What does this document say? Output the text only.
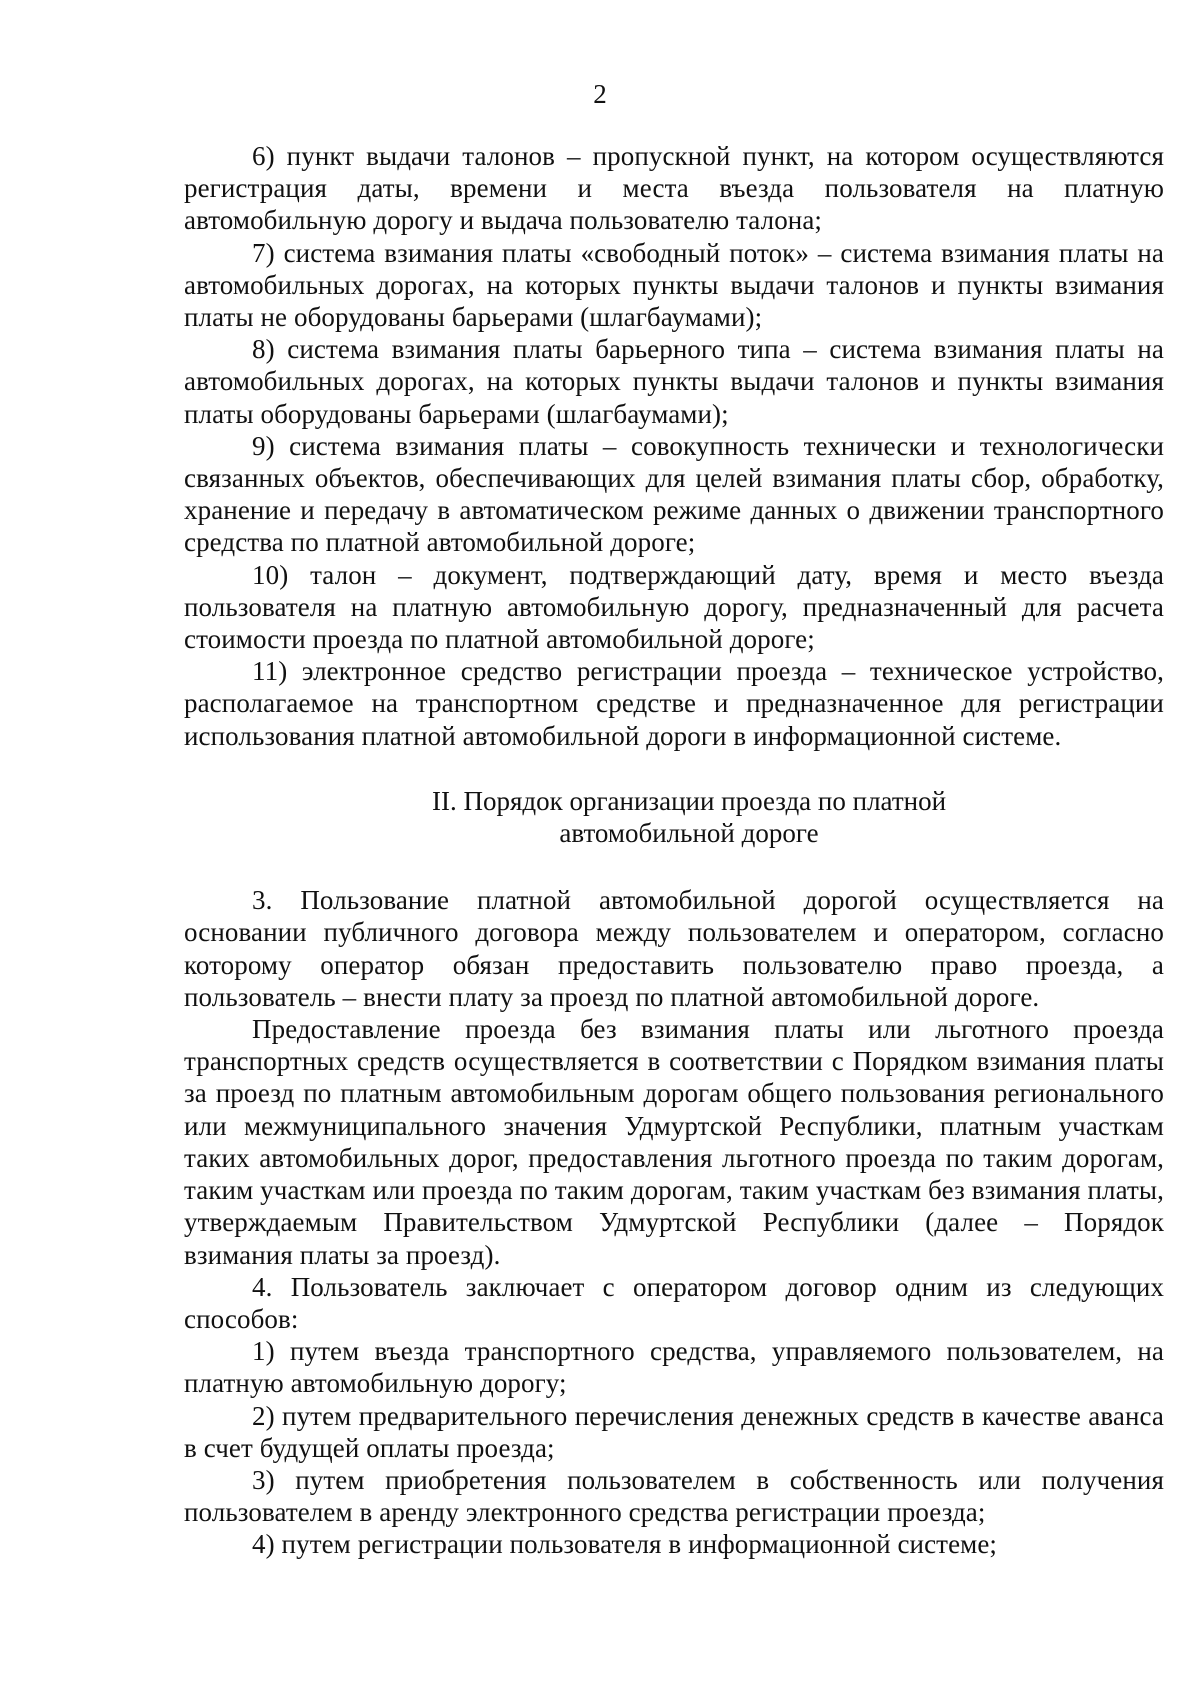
2

6) пункт выдачи талонов – пропускной пункт, на котором осуществляются регистрация даты, времени и места въезда пользователя на платную автомобильную дорогу и выдача пользователю талона;

7) система взимания платы «свободный поток» – система взимания платы на автомобильных дорогах, на которых пункты выдачи талонов и пункты взимания платы не оборудованы барьерами (шлагбаумами);

8) система взимания платы барьерного типа – система взимания платы на автомобильных дорогах, на которых пункты выдачи талонов и пункты взимания платы оборудованы барьерами (шлагбаумами);

9) система взимания платы – совокупность технически и технологически связанных объектов, обеспечивающих для целей взимания платы сбор, обработку, хранение и передачу в автоматическом режиме данных о движении транспортного средства по платной автомобильной дороге;

10) талон – документ, подтверждающий дату, время и место въезда пользователя на платную автомобильную дорогу, предназначенный для расчета стоимости проезда по платной автомобильной дороге;

11) электронное средство регистрации проезда – техническое устройство, располагаемое на транспортном средстве и предназначенное для регистрации использования платной автомобильной дороги в информационной системе.

II. Порядок организации проезда по платной
автомобильной дороге

3. Пользование платной автомобильной дорогой осуществляется на основании публичного договора между пользователем и оператором, согласно которому оператор обязан предоставить пользователю право проезда, а пользователь – внести плату за проезд по платной автомобильной дороге.

Предоставление проезда без взимания платы или льготного проезда транспортных средств осуществляется в соответствии с Порядком взимания платы за проезд по платным автомобильным дорогам общего пользования регионального или межмуниципального значения Удмуртской Республики, платным участкам таких автомобильных дорог, предоставления льготного проезда по таким дорогам, таким участкам или проезда по таким дорогам, таким участкам без взимания платы, утверждаемым Правительством Удмуртской Республики (далее – Порядок взимания платы за проезд).

4. Пользователь заключает с оператором договор одним из следующих способов:

1) путем въезда транспортного средства, управляемого пользователем, на платную автомобильную дорогу;

2) путем предварительного перечисления денежных средств в качестве аванса в счет будущей оплаты проезда;

3) путем приобретения пользователем в собственность или получения пользователем в аренду электронного средства регистрации проезда;

4) путем регистрации пользователя в информационной системе;
